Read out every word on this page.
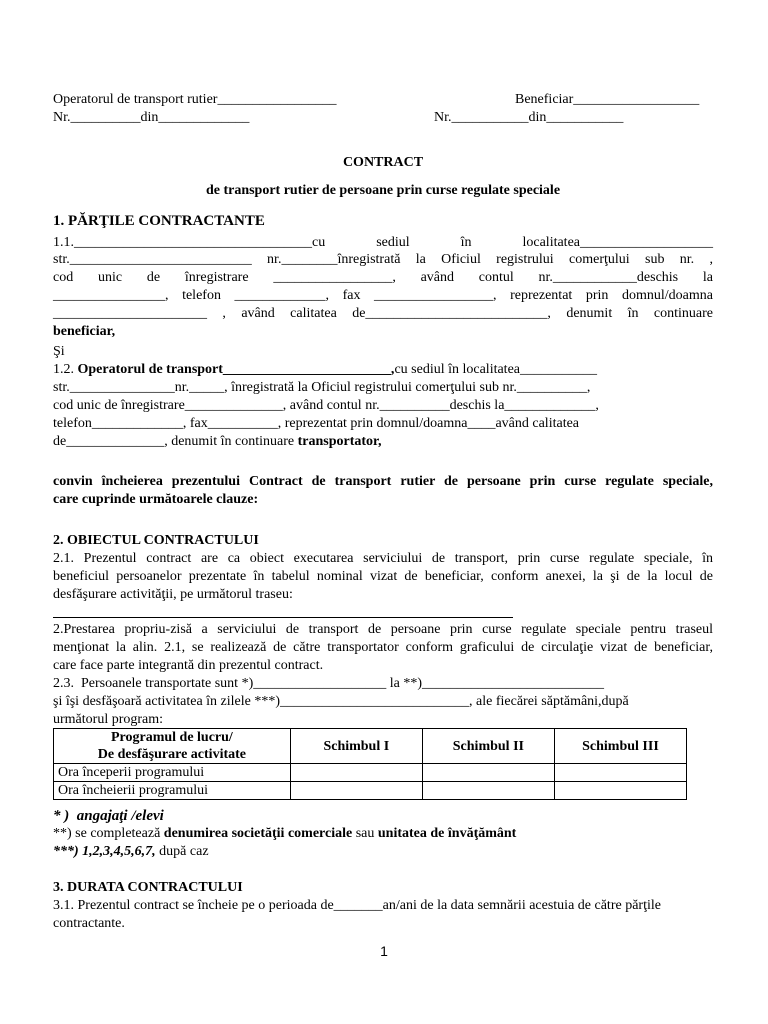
Operatorul de transport rutier_________________	Beneficiar__________________
Nr.__________din_____________	Nr.___________din___________
CONTRACT
de transport rutier de persoane prin curse regulate speciale
1. PĂRŢILE CONTRACTANTE
1.1.__________________________________cu sediul în localitatea___________________
str.__________________________ nr.________înregistrată la Oficiul registrului comerţului sub nr. ,
cod unic de înregistrare _________________, având contul nr.____________deschis la
________________, telefon _____________, fax _________________, reprezentat prin domnul/doamna
______________________ , având calitatea de__________________________, denumit în continuare
beneficiar,
Şi
1.2. Operatorul de transport________________________,cu sediul în localitatea___________
str._______________nr._____, înregistrată la Oficiul registrului comerţului sub nr.__________,
cod unic de înregistrare______________, având contul nr.__________deschis la_____________,
telefon_____________, fax__________, reprezentat prin domnul/doamna____având calitatea
de______________, denumit în continuare transportator,
convin încheierea prezentului Contract de transport rutier de persoane prin curse regulate speciale,
care cuprinde următoarele clauze:
2. OBIECTUL CONTRACTULUI
2.1. Prezentul contract are ca obiect executarea serviciului de transport, prin curse regulate speciale, în
beneficiul persoanelor prezentate în tabelul nominal vizat de beneficiar, conform anexei, la şi de la locul de
desfăşurare activităţii, pe următorul traseu:
2.Prestarea propriu-zisă a serviciului de transport de persoane prin curse regulate speciale pentru traseul
menţionat la alin. 2.1, se realizează de către transportator conform graficului de circulaţie vizat de beneficiar,
care face parte integrantă din prezentul contract.
2.3.  Persoanele transportate sunt *)___________________ la **)__________________________
şi îşi desfăşoară activitatea în zilele ***)___________________________, ale fiecărei săptămâni,după
următorul program:
Programul de lucru/
De desfăşurare activitate	Schimbul I	Schimbul II	Schimbul III
Ora începerii programului			
Ora încheierii programului			
* )  angajaţi /elevi
**) se completează denumirea societăţii comerciale sau unitatea de învăţământ
***) 1,2,3,4,5,6,7, după caz
3. DURATA CONTRACTULUI
3.1. Prezentul contract se încheie pe o perioada de_______an/ani de la data semnării acestuia de către părţile
contractante.
1
